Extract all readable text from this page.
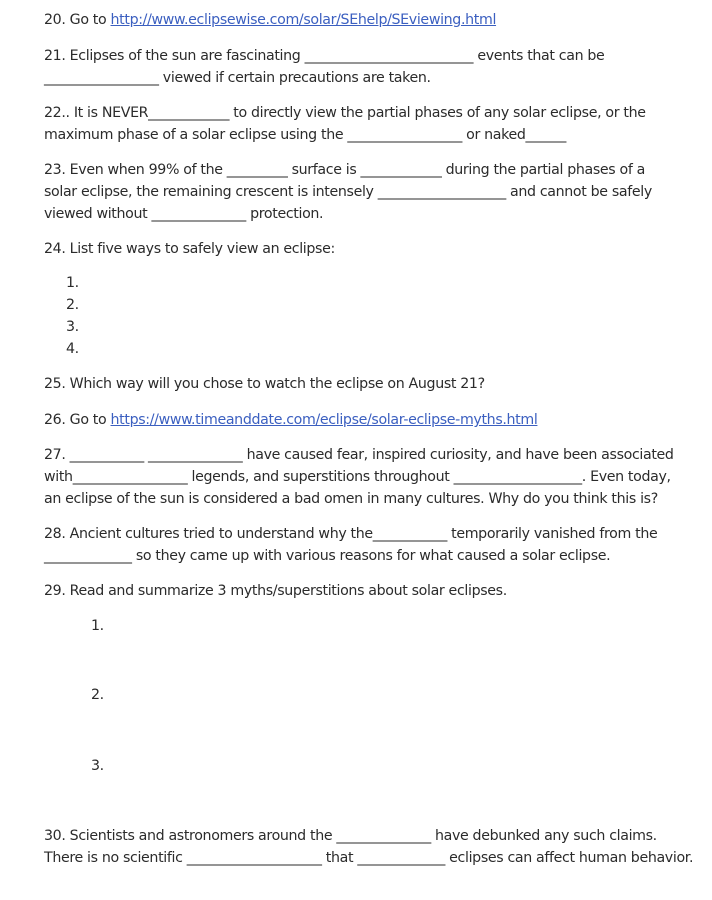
20. Go to http://www.eclipsewise.com/solar/SEhelp/SEviewing.html
21. Eclipses of the sun are fascinating _________________________ events that can be
_________________ viewed if certain precautions are taken.
22.. It is NEVER____________ to directly view the partial phases of any solar eclipse, or the
maximum phase of a solar eclipse using the _________________ or naked______
23. Even when 99% of the _________ surface is ____________ during the partial phases of a
solar eclipse, the remaining crescent is intensely ___________________ and cannot be safely
viewed without ______________ protection.
24. List five ways to safely view an eclipse:
1.
2.
3.
4.
25. Which way will you chose to watch the eclipse on August 21?
26. Go to https://www.timeanddate.com/eclipse/solar-eclipse-myths.html
27. ___________ ______________ have caused fear, inspired curiosity, and have been associated
with_________________ legends, and superstitions throughout ___________________. Even today,
an eclipse of the sun is considered a bad omen in many cultures. Why do you think this is?
28. Ancient cultures tried to understand why the___________ temporarily vanished from the
_____________ so they came up with various reasons for what caused a solar eclipse.
29. Read and summarize 3 myths/superstitions about solar eclipses.
1.
2.
3.
30. Scientists and astronomers around the ______________ have debunked any such claims.
There is no scientific ____________________ that _____________ eclipses can affect human behavior.
